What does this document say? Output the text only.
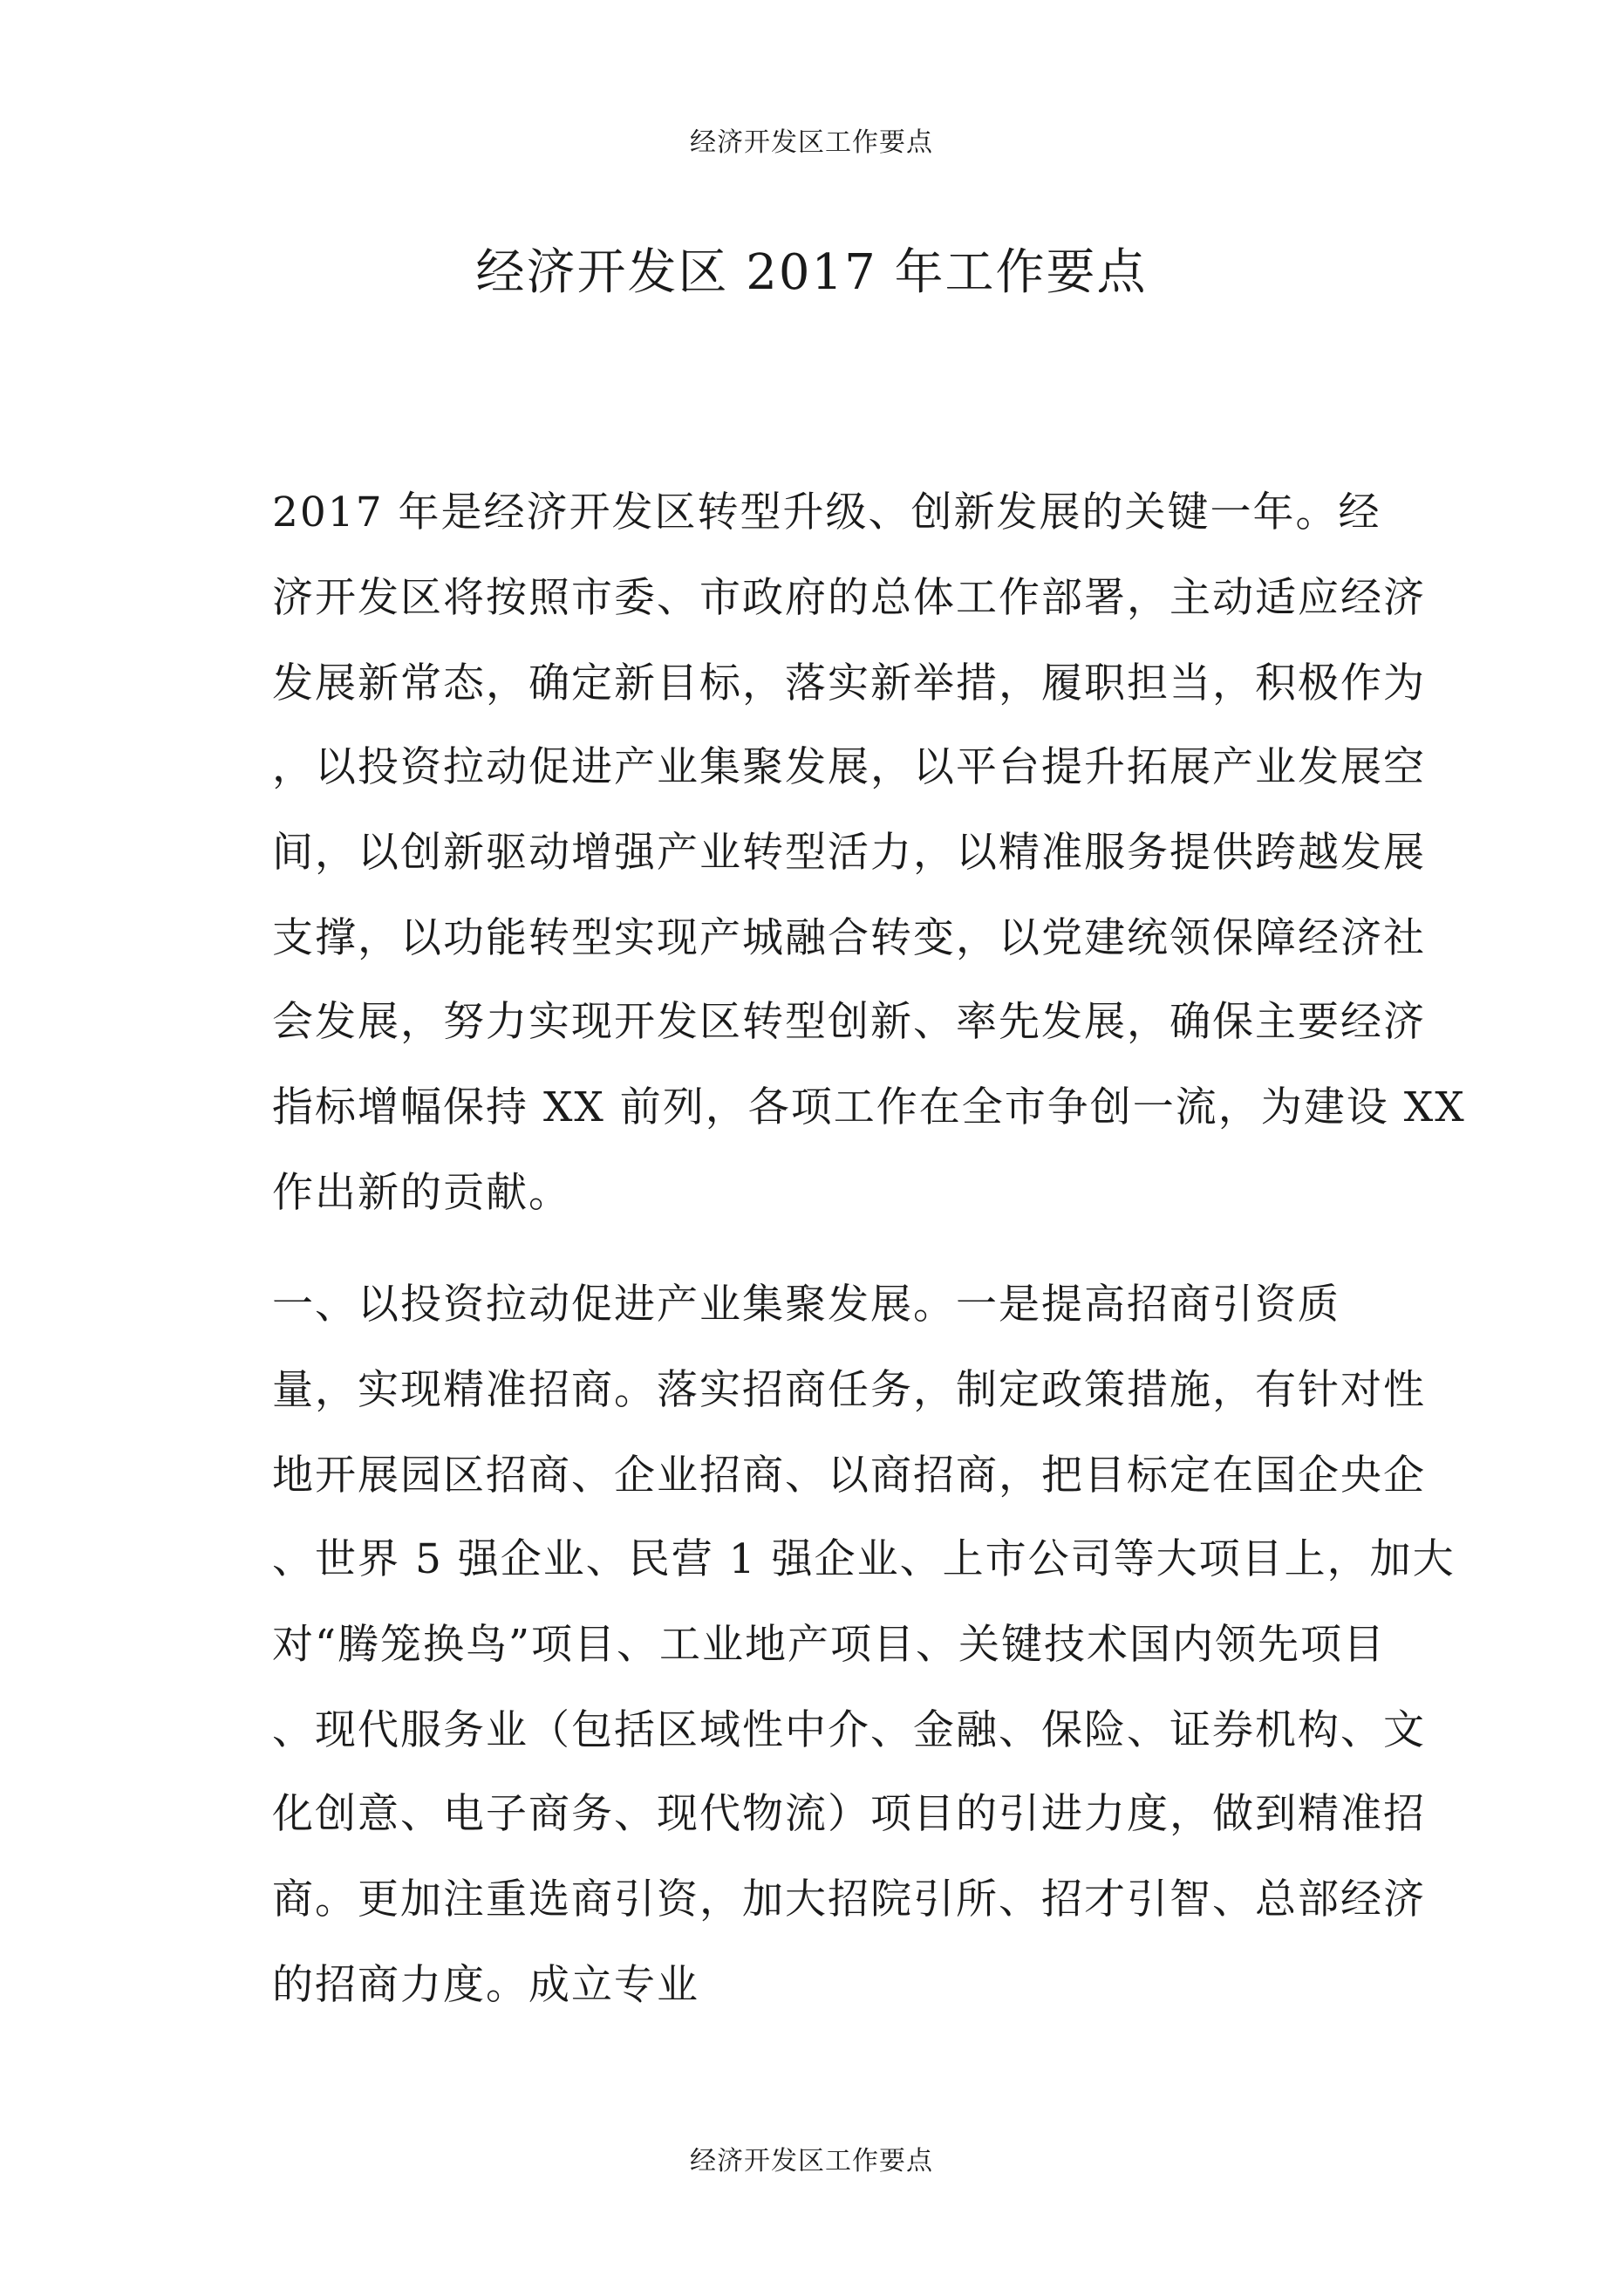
经济开发区工作要点
经济开发区 2017 年工作要点
2017 年是经济开发区转型升级、创新发展的关键一年。经
济开发区将按照市委、市政府的总体工作部署，主动适应经济
发展新常态，确定新目标，落实新举措，履职担当，积极作为
，以投资拉动促进产业集聚发展，以平台提升拓展产业发展空
间，以创新驱动增强产业转型活力，以精准服务提供跨越发展
支撑，以功能转型实现产城融合转变，以党建统领保障经济社
会发展，努力实现开发区转型创新、率先发展，确保主要经济
指标增幅保持 XX 前列，各项工作在全市争创一流，为建设 XX
作出新的贡献。
一、以投资拉动促进产业集聚发展。一是提高招商引资质
量，实现精准招商。落实招商任务，制定政策措施，有针对性
地开展园区招商、企业招商、以商招商，把目标定在国企央企
、世界 5 强企业、民营 1 强企业、上市公司等大项目上，加大
对“腾笼换鸟”项目、工业地产项目、关键技术国内领先项目
、现代服务业（包括区域性中介、金融、保险、证券机构、文
化创意、电子商务、现代物流）项目的引进力度，做到精准招
商。更加注重选商引资，加大招院引所、招才引智、总部经济
的招商力度。成立专业
经济开发区工作要点
